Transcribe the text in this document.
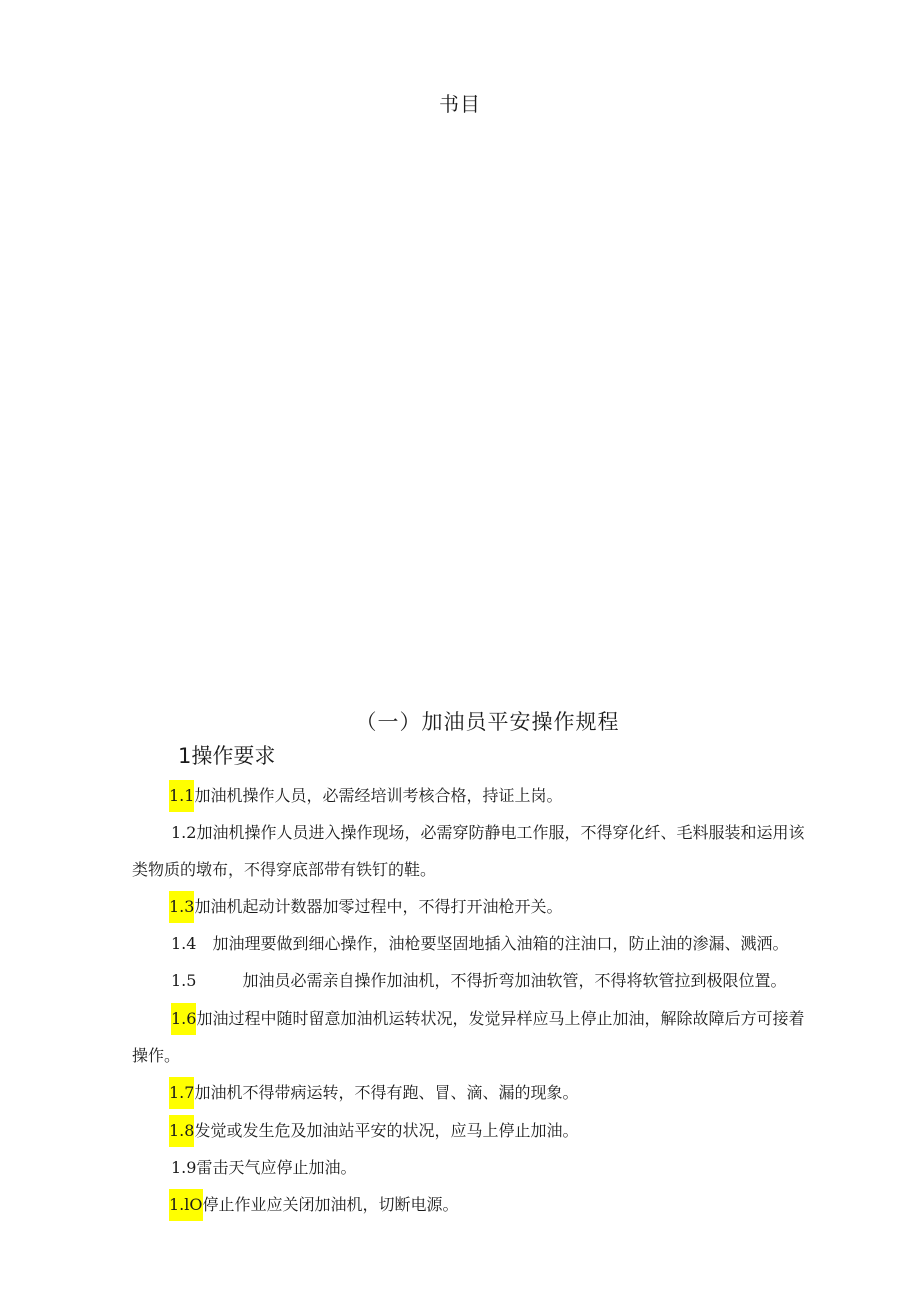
书目
（一）加油员平安操作规程
1操作要求
1.1加油机操作人员，必需经培训考核合格，持证上岗。
1.2加油机操作人员进入操作现场，必需穿防静电工作服，不得穿化纤、毛料服装和运用该
类物质的墩布，不得穿底部带有铁钉的鞋。
1.3加油机起动计数器加零过程中，不得打开油枪开关。
1.4 加油理要做到细心操作，油枪要坚固地插入油箱的注油口，防止油的渗漏、溅洒。
1.5	加油员必需亲自操作加油机，不得折弯加油软管，不得将软管拉到极限位置。
1.6加油过程中随时留意加油机运转状况，发觉异样应马上停止加油，解除故障后方可接着
操作。
1.7加油机不得带病运转，不得有跑、冒、滴、漏的现象。
1.8发觉或发生危及加油站平安的状况，应马上停止加油。
1.9雷击天气应停止加油。
1.lO停止作业应关闭加油机，切断电源。
